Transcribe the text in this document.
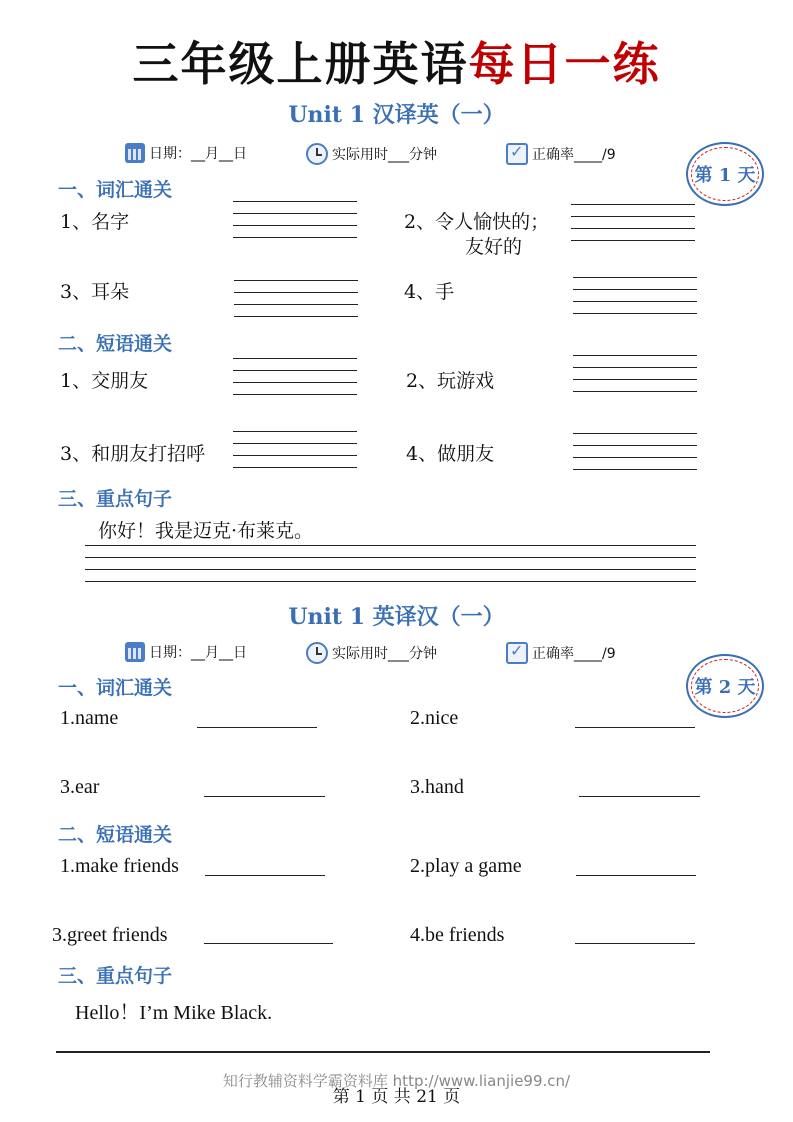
三年级上册英语每日一练
Unit 1 汉译英（一）
日期：__月__日	实际用时___分钟 ✓	正确率____/9
第 1 天
一、词汇通关
1、名字	2、令人愉快的；
友好的
3、耳朵	4、手
二、短语通关
1、交朋友	2、玩游戏
3、和朋友打招呼	4、做朋友
三、重点句子
你好！我是迈克·布莱克。
Unit 1 英译汉（一）
日期：__月__日	实际用时___分钟 ✓	正确率____/9
第 2 天
一、词汇通关
1.name	2.nice
3.ear	3.hand
二、短语通关
1.make friends	2.play a game
3.greet friends	4.be friends
三、重点句子
Hello！I’m Mike Black.
知行教辅资料学霸资料库 http://www.lianjie99.cn/
第 1 页 共 21 页
